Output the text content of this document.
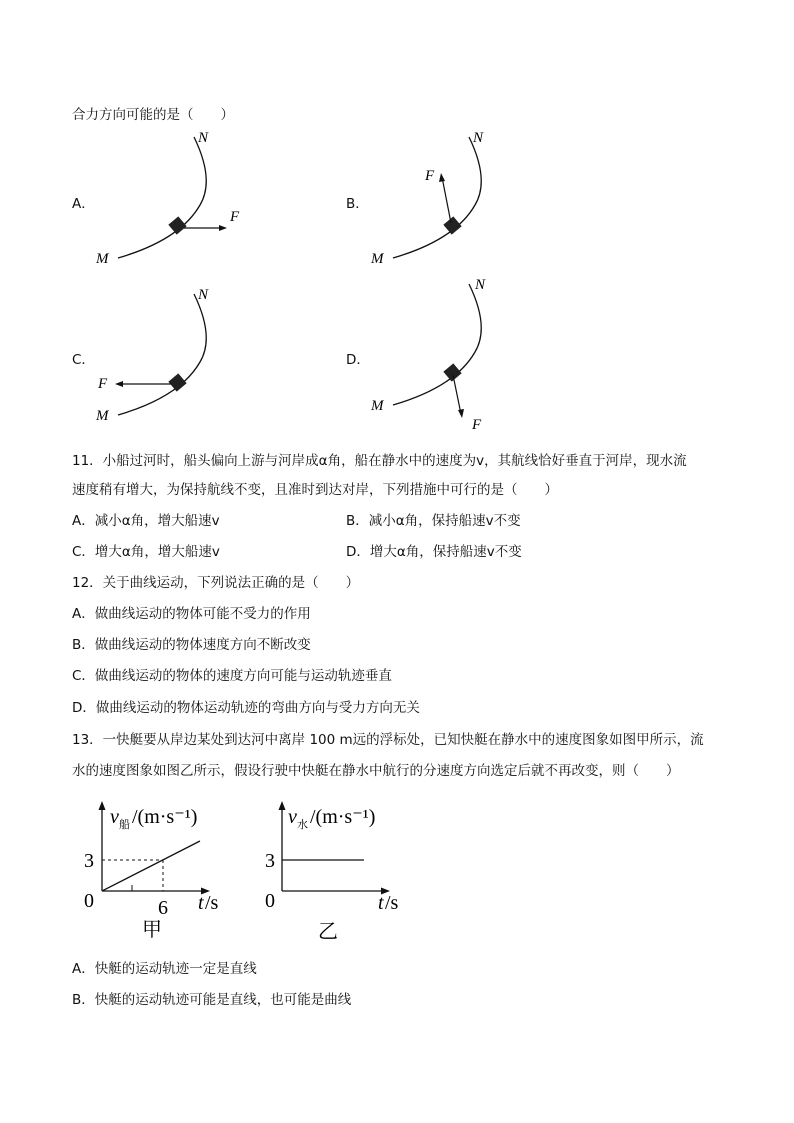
合力方向可能的是（　　）
A．
F
M
N
B．
F
M
N
C．
F
M
N
D．
F
M
N
11．小船过河时，船头偏向上游与河岸成α角，船在静水中的速度为v，其航线恰好垂直于河岸，现水流
速度稍有增大，为保持航线不变，且准时到达对岸，下列措施中可行的是（　　）
A．减小α角，增大船速v	B．减小α角，保持船速v不变
C．增大α角，增大船速v	D．增大α角，保持船速v不变
12．关于曲线运动，下列说法正确的是（　　）
A．做曲线运动的物体可能不受力的作用
B．做曲线运动的物体速度方向不断改变
C．做曲线运动的物体的速度方向可能与运动轨迹垂直
D．做曲线运动的物体运动轨迹的弯曲方向与受力方向无关
13．一快艇要从岸边某处到达河中离岸 100 m远的浮标处，已知快艇在静水中的速度图象如图甲所示，流
水的速度图象如图乙所示，假设行驶中快艇在静水中航行的分速度方向选定后就不再改变，则（　　）
v 船 /(m·s⁻¹)
3
0	6 t /s
甲
v 水 /(m·s⁻¹)
3
0	t /s
乙
A．快艇的运动轨迹一定是直线
B．快艇的运动轨迹可能是直线，也可能是曲线
